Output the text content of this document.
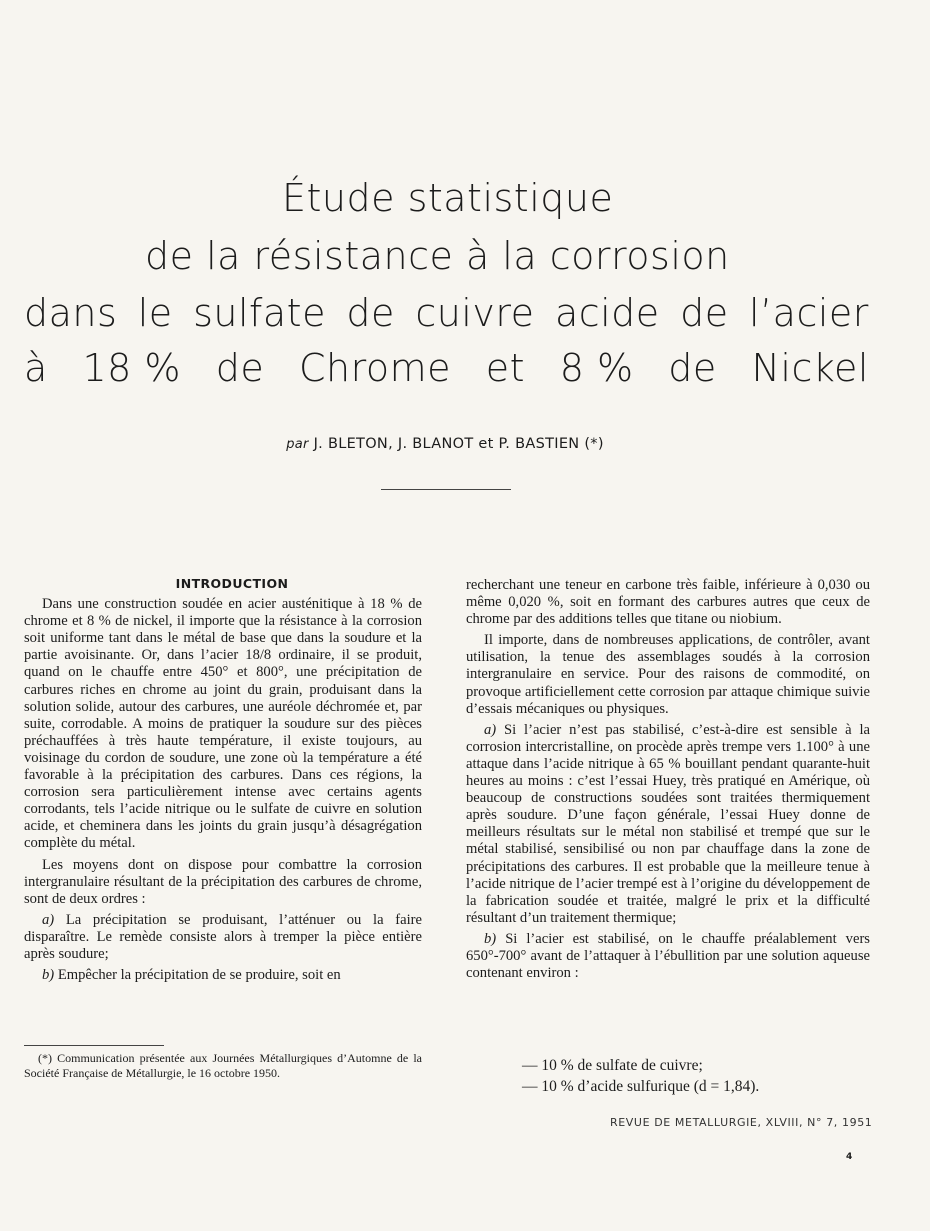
Étude statistique
de la résistance à la corrosion
dans le sulfate de cuivre acide de l’acier
à 18 % de Chrome et 8 % de Nickel
par J. BLETON, J. BLANOT et P. BASTIEN (*)

INTRODUCTION

Dans une construction soudée en acier austénitique à 18 % de chrome et 8 % de nickel, il importe que la résistance à la corrosion soit uniforme tant dans le métal de base que dans la soudure et la partie avoisinante. Or, dans l’acier 18/8 ordinaire, il se produit, quand on le chauffe entre 450° et 800°, une précipitation de carbures riches en chrome au joint du grain, produisant dans la solution solide, autour des carbures, une auréole déchromée et, par suite, corrodable. A moins de pratiquer la soudure sur des pièces préchauffées à très haute température, il existe toujours, au voisinage du cordon de soudure, une zone où la température a été favorable à la précipitation des carbures. Dans ces régions, la corrosion sera particulièrement intense avec certains agents corrodants, tels l’acide nitrique ou le sulfate de cuivre en solution acide, et cheminera dans les joints du grain jusqu’à désagrégation complète du métal.

Les moyens dont on dispose pour combattre la corrosion intergranulaire résultant de la précipitation des carbures de chrome, sont de deux ordres :

a) La précipitation se produisant, l’atténuer ou la faire disparaître. Le remède consiste alors à tremper la pièce entière après soudure;

b) Empêcher la précipitation de se produire, soit en

(*) Communication présentée aux Journées Métallurgiques d’Automne de la Société Française de Métallurgie, le 16 octobre 1950.

recherchant une teneur en carbone très faible, inférieure à 0,030 ou même 0,020 %, soit en formant des carbures autres que ceux de chrome par des additions telles que titane ou niobium.

Il importe, dans de nombreuses applications, de contrôler, avant utilisation, la tenue des assemblages soudés à la corrosion intergranulaire en service. Pour des raisons de commodité, on provoque artificiellement cette corrosion par attaque chimique suivie d’essais mécaniques ou physiques.

a) Si l’acier n’est pas stabilisé, c’est-à-dire est sensible à la corrosion intercristalline, on procède après trempe vers 1.100° à une attaque dans l’acide nitrique à 65 % bouillant pendant quarante-huit heures au moins : c’est l’essai Huey, très pratiqué en Amérique, où beaucoup de constructions soudées sont traitées thermiquement après soudure. D’une façon générale, l’essai Huey donne de meilleurs résultats sur le métal non stabilisé et trempé que sur le métal stabilisé, sensibilisé ou non par chauffage dans la zone de précipitations des carbures. Il est probable que la meilleure tenue à l’acide nitrique de l’acier trempé est à l’origine du développement de la fabrication soudée et traitée, malgré le prix et la difficulté résultant d’un traitement thermique;

b) Si l’acier est stabilisé, on le chauffe préalablement vers 650°-700° avant de l’attaquer à l’ébullition par une solution aqueuse contenant environ :

— 10 % de sulfate de cuivre;
— 10 % d’acide sulfurique (d = 1,84).
REVUE DE METALLURGIE, XLVIII, N° 7, 1951
4
